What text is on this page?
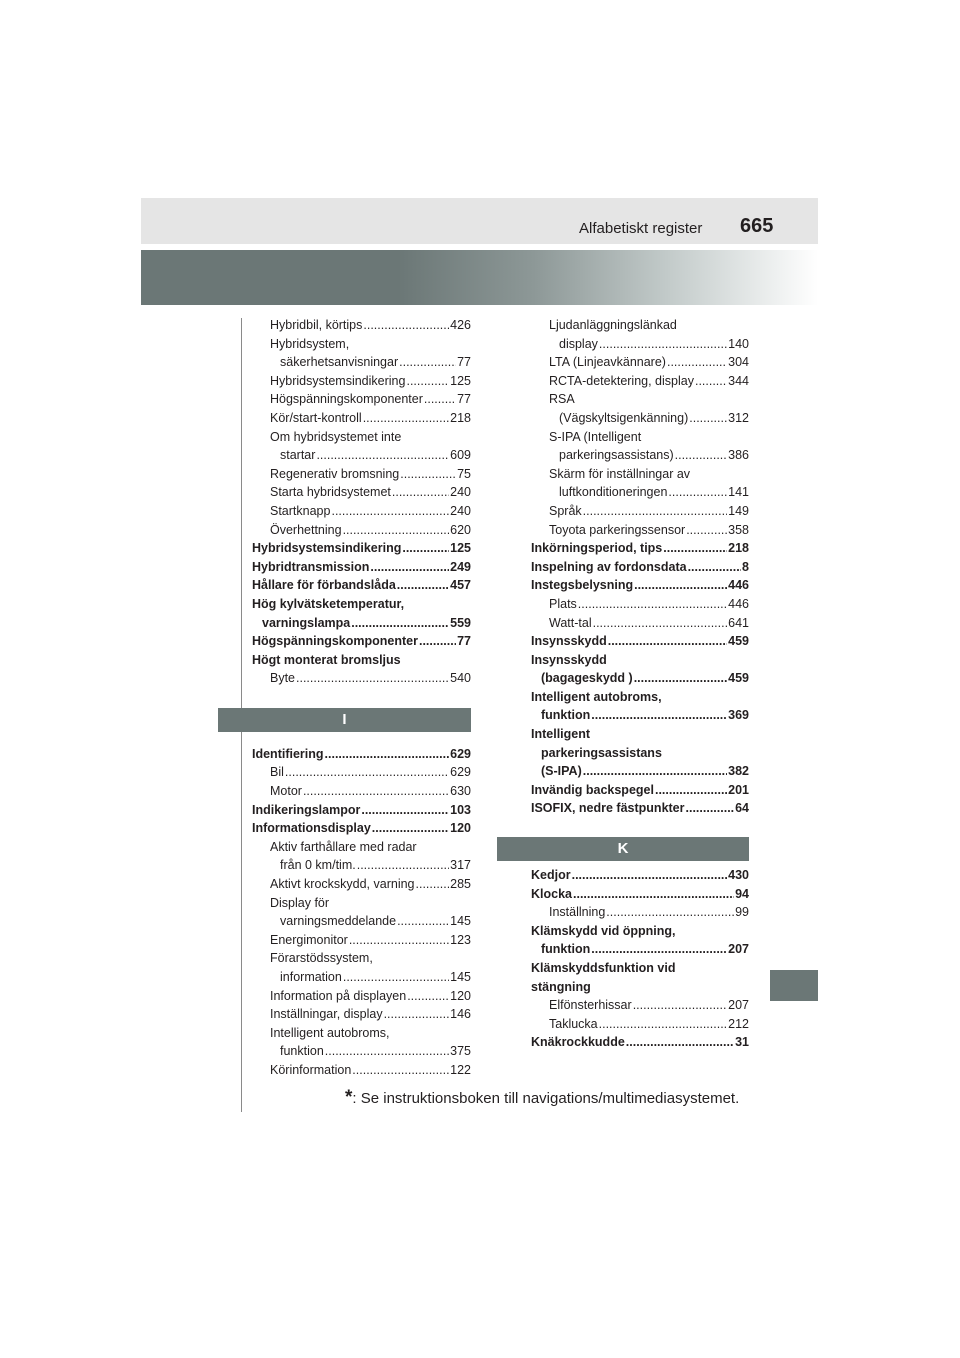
Alfabetiskt register 665
Hybridbil, körtips .....	426
Hybridsystem,
säkerhetsanvisningar .....	77
Hybridsystemsindikering .....	125
Högspänningskomponenter .....	77
Kör/start-kontroll .....	218
Om hybridsystemet inte
startar .....	609
Regenerativ bromsning .....	75
Starta hybridsystemet .....	240
Startknapp .....	240
Överhettning .....	620
Hybridsystemsindikering .....	125
Hybridtransmission .....	249
Hållare för förbandslåda .....	457
Hög kylvätsketemperatur,
varningslampa .....	559
Högspänningskomponenter .....	77
Högt monterat bromsljus
Byte .....	540
I
Identifiering .....	629
Bil .....	629
Motor .....	630
Indikeringslampor .....	103
Informationsdisplay .....	120
Aktiv farthållare med radar
från 0 km/tim. .....	317
Aktivt krockskydd, varning .....	285
Display för
varningsmeddelande .....	145
Energimonitor .....	123
Förarstödssystem,
information .....	145
Information på displayen .....	120
Inställningar, display .....	146
Intelligent autobroms,
funktion .....	375
Körinformation .....	122
Ljudanläggningslänkad
display .....	140
LTA (Linjeavkännare) .....	304
RCTA-detektering, display .....	344
RSA
(Vägskyltsigenkänning) .....	312
S-IPA (Intelligent
parkeringsassistans) .....	386
Skärm för inställningar av
luftkonditioneringen .....	141
Språk .....	149
Toyota parkeringssensor .....	358
Inkörningsperiod, tips .....	218
Inspelning av fordonsdata .....	8
Instegsbelysning .....	446
Plats .....	446
Watt-tal .....	641
Insynsskydd .....	459
Insynsskydd
(bagageskydd ) .....	459
Intelligent autobroms,
funktion .....	369
Intelligent
parkeringsassistans
(S-IPA) .....	382
Invändig backspegel .....	201
ISOFIX, nedre fästpunkter .....	64
K
Kedjor .....	430
Klocka .....	94
Inställning .....	99
Klämskydd vid öppning,
funktion .....	207
Klämskyddsfunktion vid
stängning
Elfönsterhissar .....	207
Taklucka .....	212
Knäkrockkudde .....	31
*: Se instruktionsboken till navigations/multimediasystemet.
